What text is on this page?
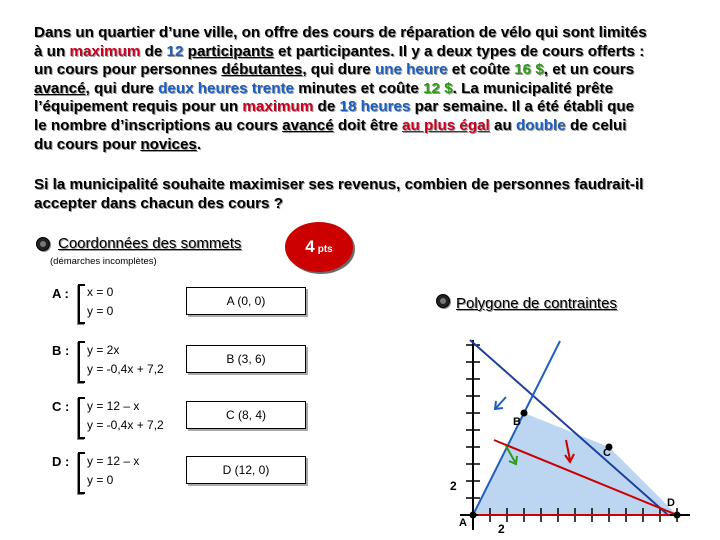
Dans un quartier d’une ville, on offre des cours de réparation de vélo qui sont limités
à un maximum de 12 participants et participantes. Il y a deux types de cours offerts :
un cours pour personnes débutantes, qui dure une heure et coûte 16 $, et un cours
avancé, qui dure deux heures trente minutes et coûte 12 $. La municipalité prête
l’équipement requis pour un maximum de 18 heures par semaine. Il a été établi que
le nombre d’inscriptions au cours avancé doit être au plus égal au double de celui
du cours pour novices.
Si la municipalité souhaite maximiser ses revenus, combien de personnes faudrait-il
accepter dans chacun des cours ?
Coordonnées des sommets
(démarches incomplètes)
4 pts
A : x = 0
y = 0
A (0, 0)
B : y = 2x
y = -0,4x + 7,2
B (3, 6)
C : y = 12 – x
y = -0,4x + 7,2
C (8, 4)
D : y = 12 – x
y = 0
D (12, 0)
Polygone de contraintes
2
2
A
B
C
D
